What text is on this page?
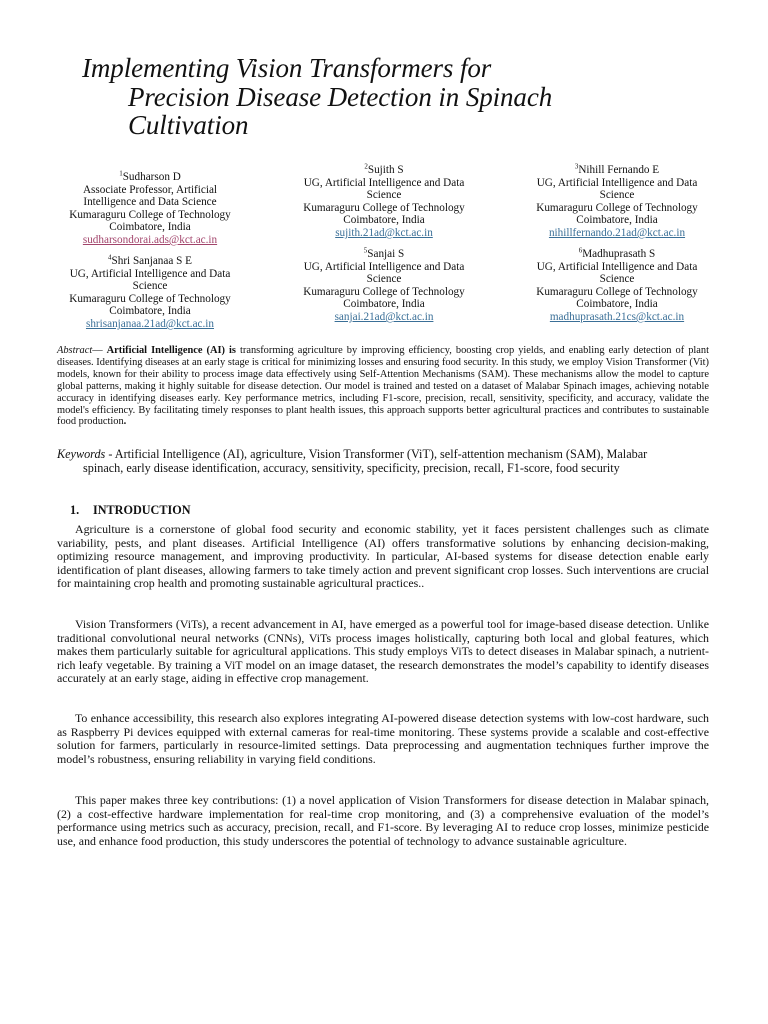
Implementing Vision Transformers for
Precision Disease Detection in Spinach
Cultivation
$^1$Sudharson D
Associate Professor, Artificial
Intelligence and Data Science
Kumaraguru College of Technology
Coimbatore, India
sudharsondorai.ads@kct.ac.in
$^2$Sujith S
UG, Artificial Intelligence and Data
Science
Kumaraguru College of Technology
Coimbatore, India
sujith.21ad@kct.ac.in
$^3$Nihill Fernando E
UG, Artificial Intelligence and Data
Science
Kumaraguru College of Technology
Coimbatore, India
nihillfernando.21ad@kct.ac.in
$^4$Shri Sanjanaa S E
UG, Artificial Intelligence and Data
Science
Kumaraguru College of Technology
Coimbatore, India
shrisanjanaa.21ad@kct.ac.in
$^5$Sanjai S
UG, Artificial Intelligence and Data
Science
Kumaraguru College of Technology
Coimbatore, India
sanjai.21ad@kct.ac.in
$^6$Madhuprasath S
UG, Artificial Intelligence and Data
Science
Kumaraguru College of Technology
Coimbatore, India
madhuprasath.21cs@kct.ac.in

Abstract— Artificial Intelligence (AI) is transforming agriculture by improving efficiency, boosting crop yields, and enabling early detection of plant diseases. Identifying diseases at an early stage is critical for minimizing losses and ensuring food security. In this study, we employ Vision Transformer (Vit) models, known for their ability to process image data effectively using Self-Attention Mechanisms (SAM). These mechanisms allow the model to capture global patterns, making it highly suitable for disease detection. Our model is trained and tested on a dataset of Malabar Spinach images, achieving notable accuracy in identifying diseases early. Key performance metrics, including F1-score, precision, recall, sensitivity, specificity, and accuracy, validate the model's efficiency. By facilitating timely responses to plant health issues, this approach supports better agricultural practices and contributes to sustainable food production.

Keywords - Artificial Intelligence (AI), agriculture, Vision Transformer (ViT), self-attention mechanism (SAM), Malabar
spinach, early disease identification, accuracy, sensitivity, specificity, precision, recall, F1-score, food security

1. INTRODUCTION

Agriculture is a cornerstone of global food security and economic stability, yet it faces persistent challenges such as climate variability, pests, and plant diseases. Artificial Intelligence (AI) offers transformative solutions by enhancing decision-making, optimizing resource management, and improving productivity. In particular, AI-based systems for disease detection enable early identification of plant diseases, allowing farmers to take timely action and prevent significant crop losses. Such interventions are crucial for maintaining crop health and promoting sustainable agricultural practices..

Vision Transformers (ViTs), a recent advancement in AI, have emerged as a powerful tool for image-based disease detection. Unlike traditional convolutional neural networks (CNNs), ViTs process images holistically, capturing both local and global features, which makes them particularly suitable for agricultural applications. This study employs ViTs to detect diseases in Malabar spinach, a nutrient-rich leafy vegetable. By training a ViT model on an image dataset, the research demonstrates the model’s capability to identify diseases accurately at an early stage, aiding in effective crop management.

To enhance accessibility, this research also explores integrating AI-powered disease detection systems with low-cost hardware, such as Raspberry Pi devices equipped with external cameras for real-time monitoring. These systems provide a scalable and cost-effective solution for farmers, particularly in resource-limited settings. Data preprocessing and augmentation techniques further improve the model’s robustness, ensuring reliability in varying field conditions.

This paper makes three key contributions: (1) a novel application of Vision Transformers for disease detection in Malabar spinach, (2) a cost-effective hardware implementation for real-time crop monitoring, and (3) a comprehensive evaluation of the model’s performance using metrics such as accuracy, precision, recall, and F1-score. By leveraging AI to reduce crop losses, minimize pesticide use, and enhance food production, this study underscores the potential of technology to advance sustainable agriculture.
